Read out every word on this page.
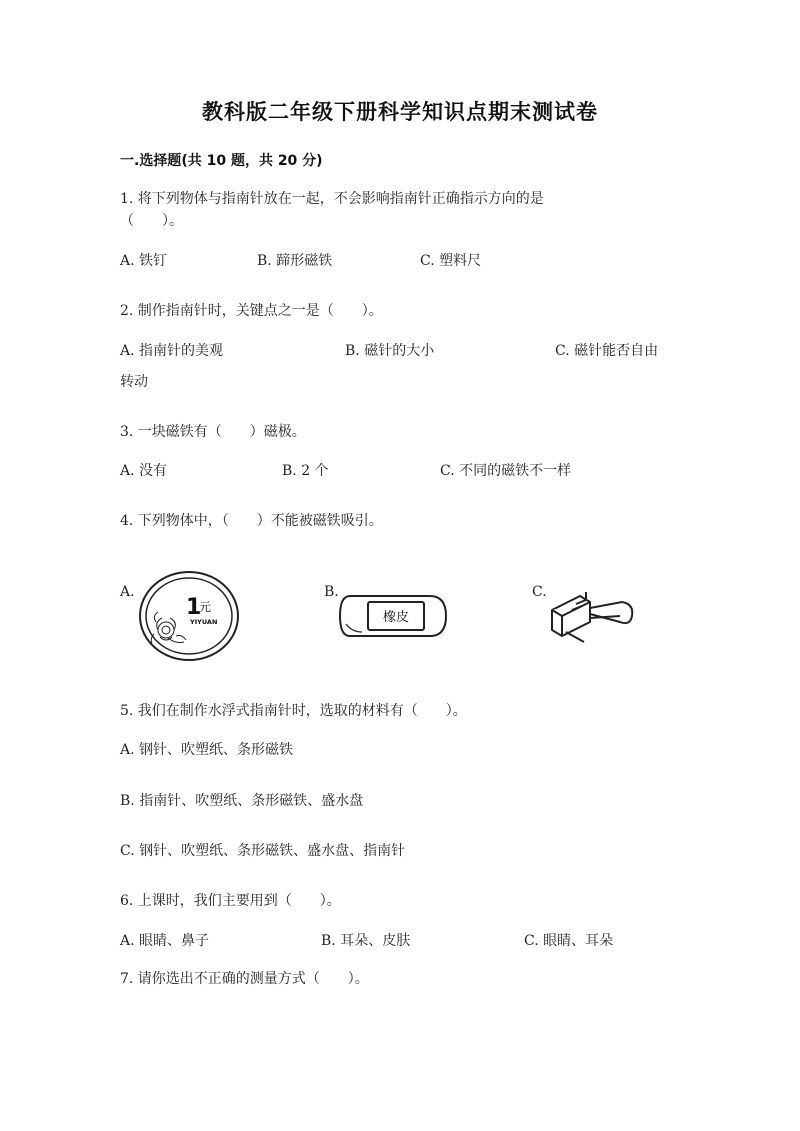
教科版二年级下册科学知识点期末测试卷
一.选择题(共 10 题，共 20 分)
1. 将下列物体与指南针放在一起，不会影响指南针正确指示方向的是
（　　）。
A. 铁钉	B. 蹄形磁铁	C. 塑料尺
2. 制作指南针时，关键点之一是（　　）。
A. 指南针的美观	B. 磁针的大小	C. 磁针能否自由
转动
3. 一块磁铁有（　　）磁极。
A. 没有	B. 2 个	C. 不同的磁铁不一样
4. 下列物体中，（　　）不能被磁铁吸引。
A.
1
元
YIYUAN
B.
橡皮
C.
5. 我们在制作水浮式指南针时，选取的材料有（　　）。
A. 钢针、吹塑纸、条形磁铁
B. 指南针、吹塑纸、条形磁铁、盛水盘
C. 钢针、吹塑纸、条形磁铁、盛水盘、指南针
6. 上课时，我们主要用到（　　）。
A. 眼睛、鼻子	B. 耳朵、皮肤	C. 眼睛、耳朵
7. 请你选出不正确的测量方式（　　）。
